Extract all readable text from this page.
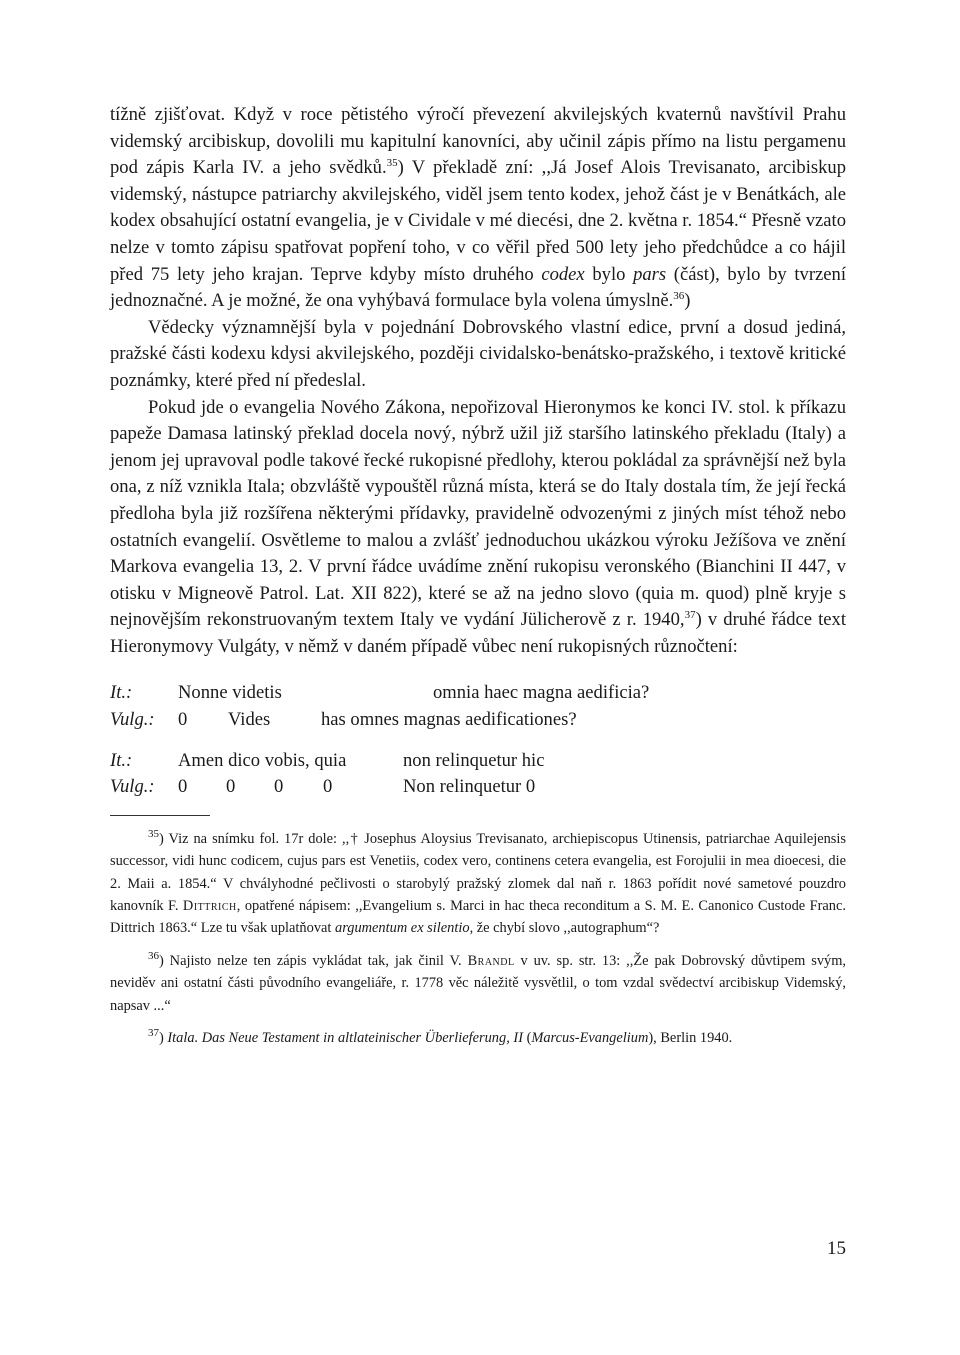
tížně zjišťovat. Když v roce pětistého výročí převezení akvilejských kvaternů navštívil Prahu videmský arcibiskup, dovolili mu kapitulní kanovníci, aby učinil zápis přímo na listu pergamenu pod zápis Karla IV. a jeho svědků.$^{35}$) V překladě zní: ,,Já Josef Alois Trevisanato, arcibiskup videmský, nástupce patriarchy akvilejského, viděl jsem tento kodex, jehož část je v Benátkách, ale kodex obsahující ostatní evangelia, je v Cividale v mé diecési, dne 2. května r. 1854.“ Přesně vzato nelze v tomto zápisu spatřovat popření toho, v co věřil před 500 lety jeho předchůdce a co hájil před 75 lety jeho krajan. Teprve kdyby místo druhého codex bylo pars (část), bylo by tvrzení jednoznačné. A je možné, že ona vyhýbavá formulace byla volena úmyslně.$^{36}$)

Vědecky významnější byla v pojednání Dobrovského vlastní edice, první a dosud jediná, pražské části kodexu kdysi akvilejského, později cividalsko-benátsko-pražského, i textově kritické poznámky, které před ní předeslal.

Pokud jde o evangelia Nového Zákona, nepořizoval Hieronymos ke konci IV. stol. k příkazu papeže Damasa latinský překlad docela nový, nýbrž užil již staršího latinského překladu (Italy) a jenom jej upravoval podle takové řecké rukopisné předlohy, kterou pokládal za správnější než byla ona, z níž vznikla Itala; obzvláště vypouštěl různá místa, která se do Italy dostala tím, že její řecká předloha byla již rozšířena některými přídavky, pravidelně odvozenými z jiných míst téhož nebo ostatních evangelií. Osvětleme to malou a zvlášť jednoduchou ukázkou výroku Ježíšova ve znění Markova evangelia 13, 2. V první řádce uvádíme znění rukopisu veronského (Bianchini II 447, v otisku v Migneově Patrol. Lat. XII 822), které se až na jedno slovo (quia m. quod) plně kryje s nejnovějším rekonstruovaným textem Italy ve vydání Jülicherově z r. 1940,37) v druhé řádce text Hieronymovy Vulgáty, v němž v daném případě vůbec není rukopisných různočtení:

It.:	Nonne videtis	omnia haec magna aedificia?
Vulg.:	0 Vides	has omnes magnas aedificationes?
It.:	Amen dico vobis, quia	non relinquetur hic
Vulg.:	0 0 0 0	Non relinquetur 0

$^{35}$) Viz na snímku fol. 17r dole: ,,† Josephus Aloysius Trevisanato, archiepiscopus Utinensis, patriarchae Aquilejensis successor, vidi hunc codicem, cujus pars est Venetiis, codex vero, continens cetera evangelia, est Forojulii in mea dioecesi, die 2. Maii a. 1854.“ V chvályhodné pečlivosti o starobylý pražský zlomek dal naň r. 1863 pořídit nové sametové pouzdro kanovník F. Dittrich, opatřené nápisem: ,,Evangelium s. Marci in hac theca reconditum a S. M. E. Canonico Custode Franc. Dittrich 1863.“ Lze tu však uplatňovat argumentum ex silentio, že chybí slovo ,,autographum“?

$^{36}$) Najisto nelze ten zápis vykládat tak, jak činil V. Brandl v uv. sp. str. 13: ,,Že pak Dobrovský důvtipem svým, neviděv ani ostatní části původního evangeliáře, r. 1778 věc náležitě vysvětlil, o tom vzdal svědectví arcibiskup Videmský, napsav ...“

$^{37}$) Itala. Das Neue Testament in altlateinischer Überlieferung, II (Marcus-Evangelium), Berlin 1940.

15
